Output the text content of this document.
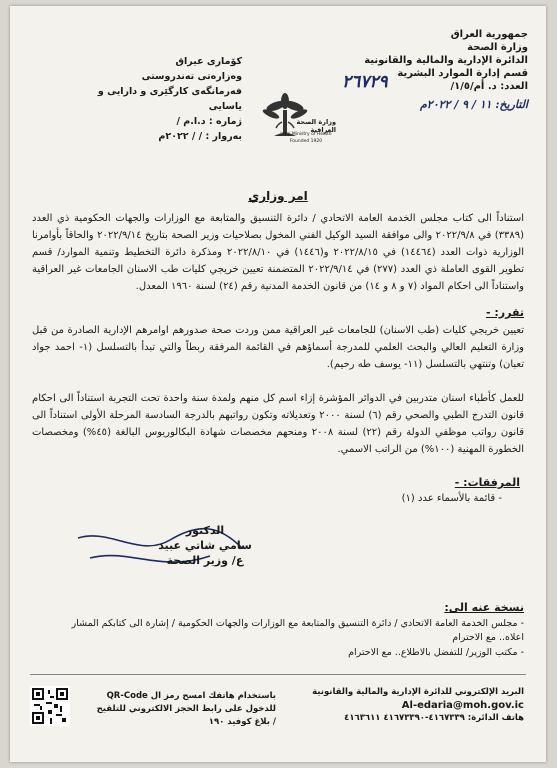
جمهورية العراق
وزارة الصحة
الدائرة الإدارية والمالية والقانونية
قسم إدارة الموارد البشرية
العدد: د. أم/١/٥/
٢٦٧٢٩
التاريخ: ١١ / ٩ / ٢٠٢٢م
كۆماری عیراق
وەزارەتی تەندروستی
فەرمانگەی کارگێری و دارایی و یاسایی
ژمارە : د.ا.م /
بەروار : / / ٢٠٢٢م
وزارة الصحة العراقية
Iraqi Ministry of Health
Founded 1920
امر وزاري
استناداً الى كتاب مجلس الخدمة العامة الاتحادي / دائرة التنسيق والمتابعة مع الوزارات والجهات الحكومية ذي العدد (٣٣٨٩) في ٢٠٢٢/٩/٨ والى موافقة السيد الوكيل الفني المخول بصلاحيات وزير الصحة بتاريخ ٢٠٢٢/٩/١٤ والحاقاً بأوامرنا الوزارية ذوات العدد (١٤٤٦٤) في ٢٠٢٢/٨/١٥ و(١٤٤٦) في ٢٠٢٢/٨/١٠ ومذكرة دائرة التخطيط وتنمية الموارد/ قسم تطوير القوى العاملة ذي العدد (٢٧٧) في ٢٠٢٢/٩/١٤ المتضمنة تعيين خريجي كليات طب الاسنان الجامعات غير العراقية واستناداً الى احكام المواد (٧ و ٨ و ١٤) من قانون الخدمة المدنية رقم (٢٤) لسنة ١٩٦٠ المعدل.
تقرر: -
تعيين خريجي كليات (طب الاسنان) للجامعات غير العراقية ممن وردت صحة صدورهم اوامرهم الإدارية الصادرة من قبل وزارة التعليم العالي والبحث العلمي للمدرجة أسماؤهم في القائمة المرفقة ربطاً والتي تبدأ بالتسلسل (١- احمد جواد تعبان) وتنتهي بالتسلسل (١١- يوسف طه رحيم).
للعمل كأطباء اسنان متدربين في الدوائر المؤشرة إزاء اسم كل منهم ولمدة سنة واحدة تحت التجربة استناداً الى احكام قانون التدرج الطبي والصحي رقم (٦) لسنة ٢٠٠٠ وتعديلاته وتكون رواتبهم بالدرجة السادسة المرحلة الأولى استناداً الى قانون رواتب موظفي الدولة رقم (٢٢) لسنة ٢٠٠٨ ومنحهم مخصصات شهادة البكالوريوس البالغة (٤٥%) ومخصصات الخطورة المهنية (١٠٠%) من الراتب الاسمي.
المرفقات: -
- قائمة بالأسماء عدد (١)
الدكتور
سامي شاتي عبيد
ع/ وزير الصحة
نسخة عنه الى:
- مجلس الخدمة العامة الاتحادي / دائرة التنسيق والمتابعة مع الوزارات والجهات الحكومية / إشارة الى كتابكم المشار اعلاه.. مع الاحترام
- مكتب الوزير/ للتفضل بالاطلاع.. مع الاحترام
البريد الإلكتروني للدائرة الإدارية والمالية والقانونية
Al-edaria@moh.gov.ic
هاتف الدائرة: ٤١٦٧٣٣٩-٤١٦٧٣٣٩٠ ٤١٦٣٦١١
باستخدام هاتفك امسح رمز ال QR-Code
للدخول على رابط الحجز الالكتروني للتلقيح
/ بلاغ كوفيد ١٩٠
